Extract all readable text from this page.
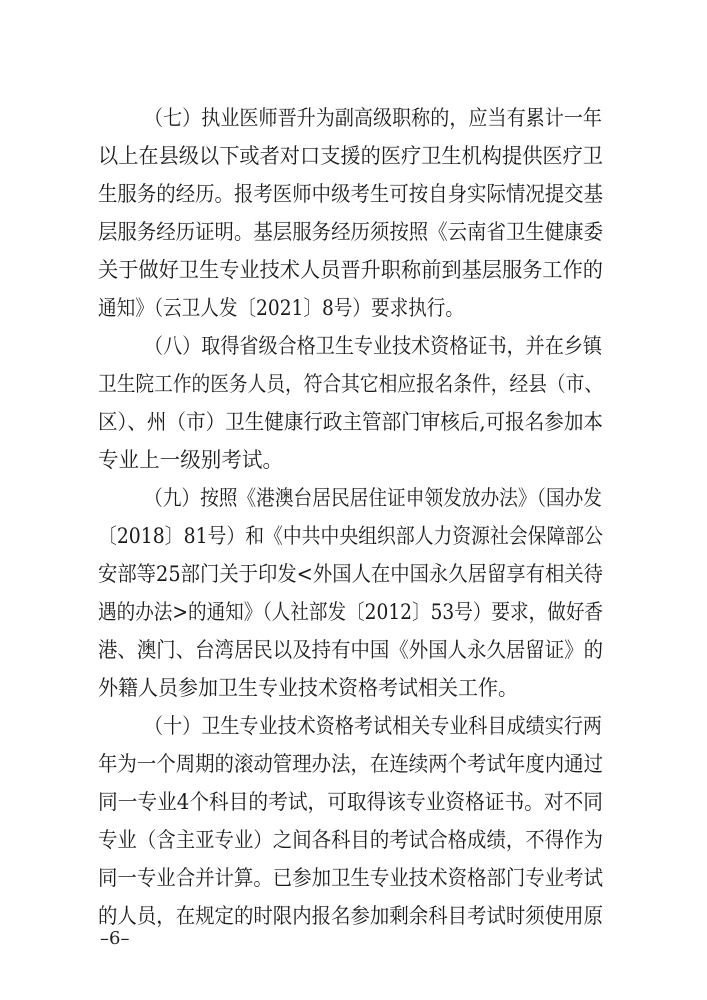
（七）执业医师晋升为副高级职称的，应当有累计一年
以上在县级以下或者对口支援的医疗卫生机构提供医疗卫
生服务的经历。报考医师中级考生可按自身实际情况提交基
层服务经历证明。基层服务经历须按照《云南省卫生健康委
关于做好卫生专业技术人员晋升职称前到基层服务工作的
通知》（云卫人发〔2021〕8号）要求执行。
（八）取得省级合格卫生专业技术资格证书，并在乡镇
卫生院工作的医务人员，符合其它相应报名条件，经县（市、
区）、州（市）卫生健康行政主管部门审核后,可报名参加本
专业上一级别考试。
（九）按照《港澳台居民居住证申领发放办法》（国办发
〔2018〕81号）和《中共中央组织部人力资源社会保障部公
安部等25部门关于印发<外国人在中国永久居留享有相关待
遇的办法>的通知》（人社部发〔2012〕53号）要求，做好香
港、澳门、台湾居民以及持有中国《外国人永久居留证》的
外籍人员参加卫生专业技术资格考试相关工作。
（十）卫生专业技术资格考试相关专业科目成绩实行两
年为一个周期的滚动管理办法，在连续两个考试年度内通过
同一专业4个科目的考试，可取得该专业资格证书。对不同
专业（含主亚专业）之间各科目的考试合格成绩，不得作为
同一专业合并计算。已参加卫生专业技术资格部门专业考试
的人员，在规定的时限内报名参加剩余科目考试时须使用原
–6–
